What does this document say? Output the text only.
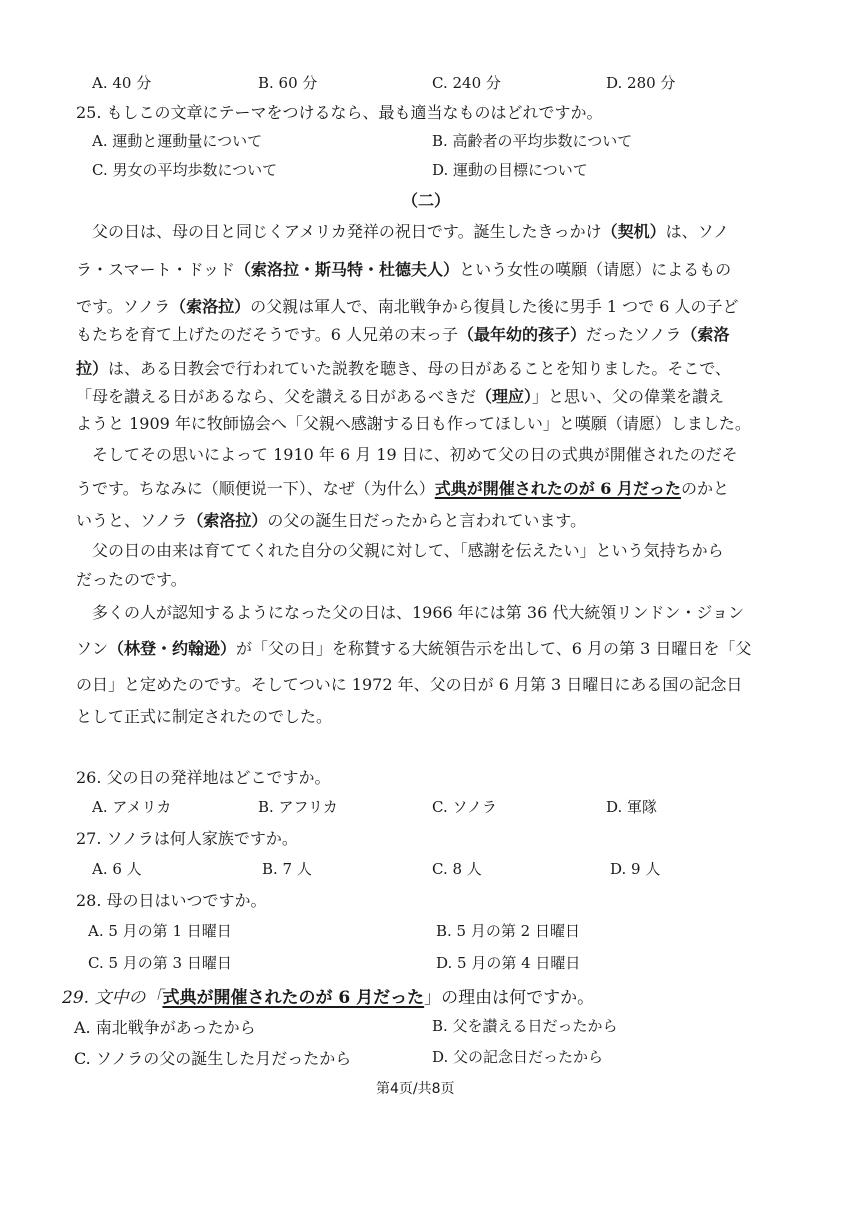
A. 40 分	B. 60 分	C. 240 分	D. 280 分
25. もしこの文章にテーマをつけるなら、最も適当なものはどれですか。
A. 運動と運動量について	B. 高齢者の平均歩数について
C. 男女の平均歩数について	D. 運動の目標について
（二）
父の日は、母の日と同じくアメリカ発祥の祝日です。誕生したきっかけ（契机）は、ソノ
ラ・スマート・ドッド（索洛拉・斯马特・杜德夫人）という女性の嘆願（请愿）によるもの
です。ソノラ（索洛拉）の父親は軍人で、南北戦争から復員した後に男手 1 つで 6 人の子ど
もたちを育て上げたのだそうです。6 人兄弟の末っ子（最年幼的孩子）だったソノラ（索洛
拉）は、ある日教会で行われていた説教を聴き、母の日があることを知りました。そこで、
「母を讃える日があるなら、父を讃える日があるべきだ（理应）」と思い、父の偉業を讃え
ようと 1909 年に牧師協会へ「父親へ感謝する日も作ってほしい」と嘆願（请愿）しました。
そしてその思いによって 1910 年 6 月 19 日に、初めて父の日の式典が開催されたのだそ
うです。ちなみに（顺便说一下）、なぜ（为什么）式典が開催されたのが 6 月だったのかと
いうと、ソノラ（索洛拉）の父の誕生日だったからと言われています。
父の日の由来は育ててくれた自分の父親に対して、「感謝を伝えたい」という気持ちから
だったのです。
多くの人が認知するようになった父の日は、1966 年には第 36 代大統領リンドン・ジョン
ソン（林登・约翰逊）が「父の日」を称賛する大統領告示を出して、6 月の第 3 日曜日を「父
の日」と定めたのです。そしてついに 1972 年、父の日が 6 月第 3 日曜日にある国の記念日
として正式に制定されたのでした。
26. 父の日の発祥地はどこですか。
A. アメリカ	B. アフリカ	C. ソノラ	D. 軍隊
27. ソノラは何人家族ですか。
A. 6 人	B. 7 人	C. 8 人	D. 9 人
28. 母の日はいつですか。
A. 5 月の第 1 日曜日	B. 5 月の第 2 日曜日
C. 5 月の第 3 日曜日	D. 5 月の第 4 日曜日
29. 文中の「式典が開催されたのが 6 月だった」の理由は何ですか。
A. 南北戦争があったから	B. 父を讃える日だったから
C. ソノラの父の誕生した月だったから	D. 父の記念日だったから
第4页/共8页
